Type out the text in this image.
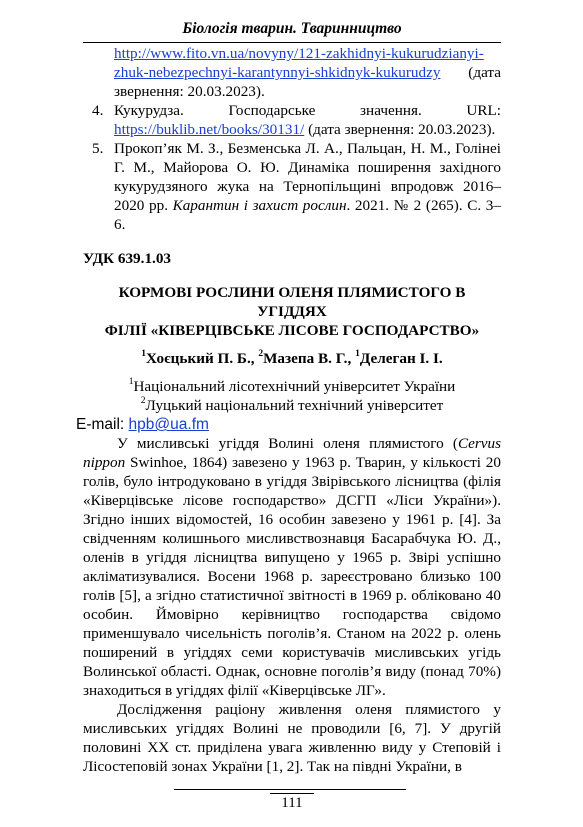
Біологія тварин. Тваринництво
http://www.fito.vn.ua/novyny/121-zakhidnyi-kukurudzianyi-
zhuk-nebezpechnyi-karantynnyi-shkidnyk-kukurudzy (дата звернення: 20.03.2023).
4. Кукурудза. Господарське значення. URL: https://buklib.net/books/30131/ (дата звернення: 20.03.2023).
5. Прокоп’як М. З., Безменська Л. А., Пальцан, Н. М., Голінеі Г. М., Майорова О. Ю. Динаміка поширення західного кукурудзяного жука на Тернопільщині впродовж 2016–2020 рр. Карантин і захист рослин. 2021. № 2 (265). С. 3–6.
УДК 639.1.03
КОРМОВІ РОСЛИНИ ОЛЕНЯ ПЛЯМИСТОГО В УГІДДЯХ
ФІЛІЇ «КІВЕРЦІВСЬКЕ ЛІСОВЕ ГОСПОДАРСТВО»
$^1$Хоєцький П. Б., $^2$Мазепа В. Г., $^1$Делеган І. І.
$^1$Національний лісотехнічний університет України
$^2$Луцький національний технічний університет
E-mail: hpb@ua.fm

У мисливські угіддя Волині оленя плямистого (Cervus nippon Swinhoe, 1864) завезено у 1963 р. Тварин, у кількості 20 голів, було інтродуковано в угіддя Звірівського лісництва (філія «Ківерцівське лісове господарство» ДСГП «Ліси України»). Згідно інших відомостей, 16 особин завезено у 1961 р. [4]. За свідченням колишнього мисливствознавця Басарабчука Ю. Д., оленів в угіддя лісництва випущено у 1965 р. Звірі успішно акліматизувалися. Восени 1968 р. зареєстровано близько 100 голів [5], а згідно статистичної звітності в 1969 р. обліковано 40 особин. Ймовірно керівництво господарства свідомо применшувало чисельність поголів’я. Станом на 2022 р. олень поширений в угіддях семи користувачів мисливських угідь Волинської області. Однак, основне поголів’я виду (понад 70%) знаходиться в угіддях філії «Ківерцівське ЛГ».

Дослідження раціону живлення оленя плямистого у мисливських угіддях Волині не проводили [6, 7]. У другій половині ХХ ст. приділена увага живленню виду у Степовій і Лісостеповій зонах України [1, 2]. Так на півдні України, в

111
